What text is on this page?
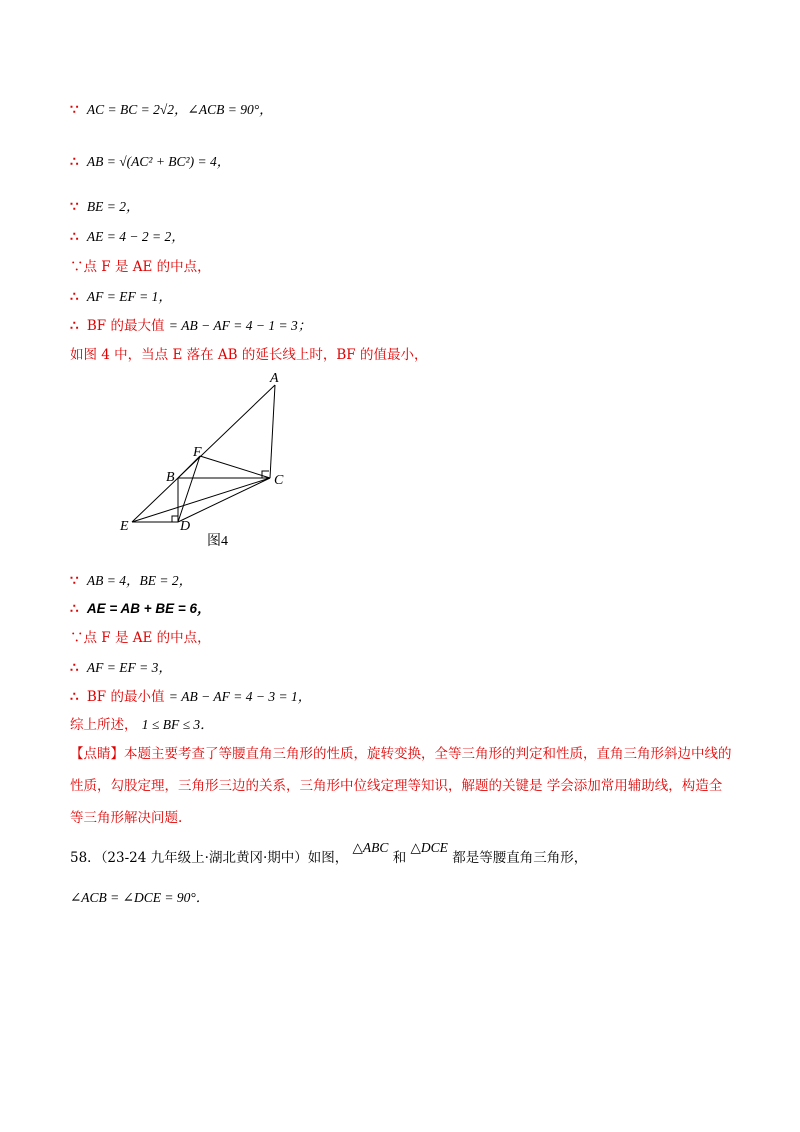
∵ AC = BC = 2√2，∠ACB = 90°，
∴ AB = √(AC² + BC²) = 4，
∵ BE = 2，
∴ AE = 4 − 2 = 2，
∵点 F 是 AE 的中点，
∴ AF = EF = 1，
∴ BF 的最大值 = AB − AF = 4 − 1 = 3；
如图 4 中，当点 E 落在 AB 的延长线上时，BF 的值最小，
A
B	C
D
E
F
图4
∵ AB = 4，BE = 2，
∴ AE = AB + BE = 6，
∵点 F 是 AE 的中点，
∴ AF = EF = 3，
∴ BF 的最小值 = AB − AF = 4 − 3 = 1，
综上所述， 1 ≤ BF ≤ 3．
【点睛】本题主要考查了等腰直角三角形的性质，旋转变换，全等三角形的判定和性质，直角三角形斜边中线的性质，勾股定理，三角形三边的关系，三角形中位线定理等知识，解题的关键是 学会添加常用辅助线，构造全等三角形解决问题.
58．（23-24 九年级上·湖北黄冈·期中）如图， △ABC 和 △DCE 都是等腰直角三角形，
∠ACB = ∠DCE = 90°．
